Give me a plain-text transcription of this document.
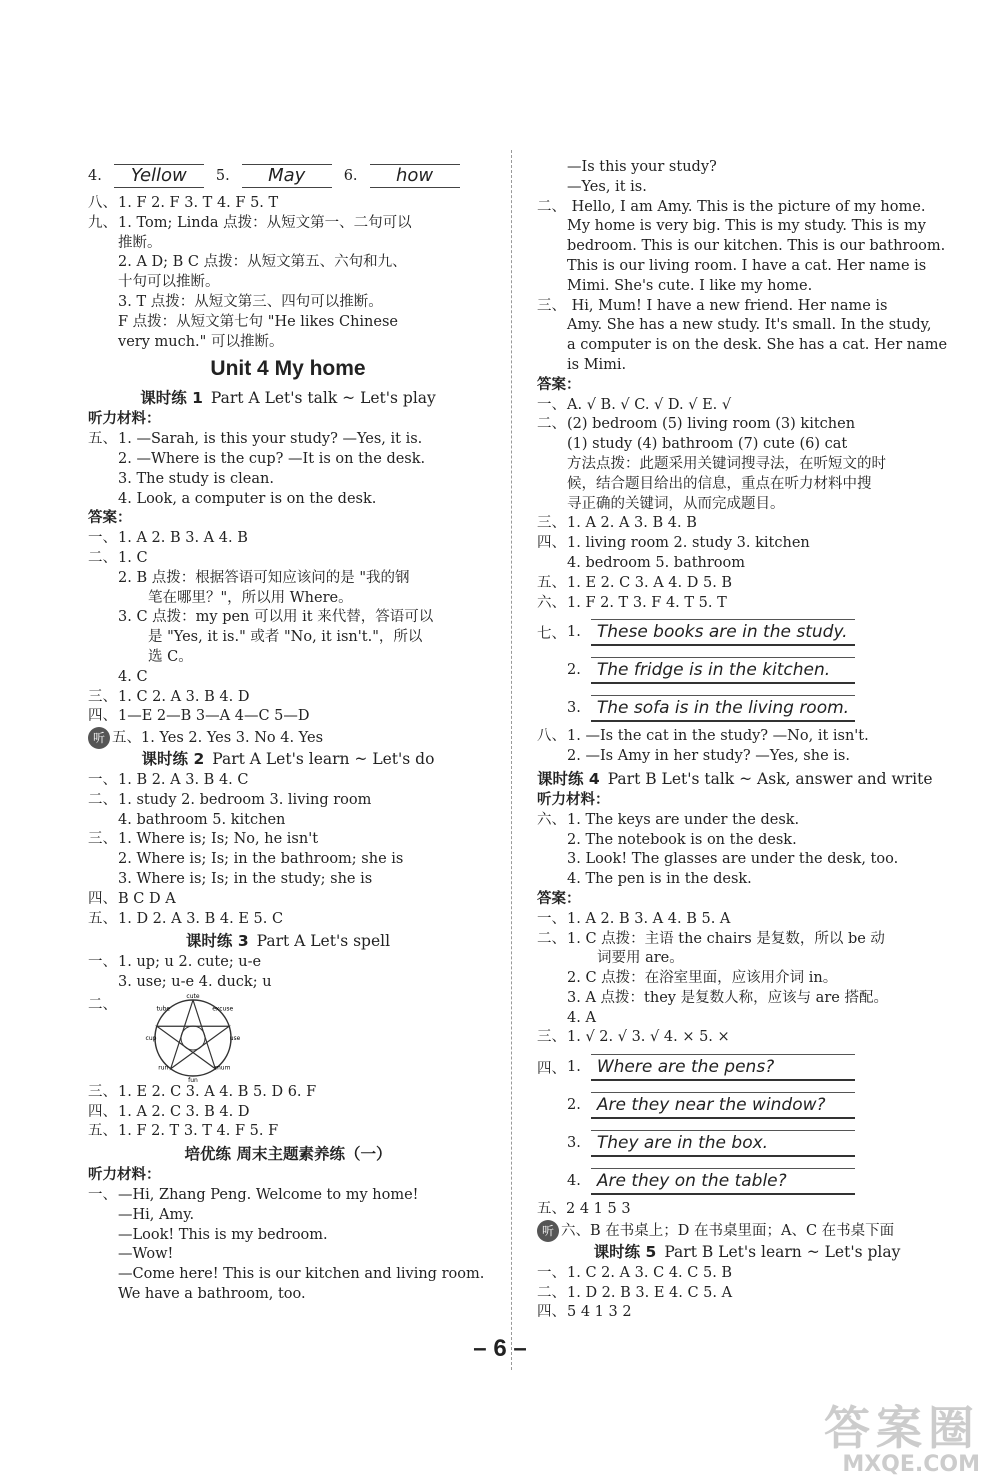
4.	Yellow	5.	May	6.	how
八、1. F 2. F 3. T 4. F 5. T
九、1. Tom; Linda 点拨：从短文第一、二句可以
推断。
2. A D; B C 点拨：从短文第五、六句和九、
十句可以推断。
3. T 点拨：从短文第三、四句可以推断。
F 点拨：从短文第七句 "He likes Chinese
very much." 可以推断。
Unit 4 My home
课时练 1 Part A Let's talk ~ Let's play
听力材料：
五、1. —Sarah, is this your study? —Yes, it is.
2. —Where is the cup? —It is on the desk.
3. The study is clean.
4. Look, a computer is on the desk.
答案：
一、1. A 2. B 3. A 4. B
二、1. C
2. B 点拨：根据答语可知应该问的是 "我的钢
笔在哪里？"，所以用 Where。
3. C 点拨：my pen 可以用 it 来代替，答语可以
是 "Yes, it is." 或者 "No, it isn't."，所以
选 C。
4. C
三、1. C 2. A 3. B 4. D
四、1—E 2—B 3—A 4—C 5—D
听 五、1. Yes 2. Yes 3. No 4. Yes
课时练 2 Part A Let's learn ~ Let's do
一、1. B 2. A 3. B 4. C
二、1. study 2. bedroom 3. living room
4. bathroom 5. kitchen
三、1. Where is; Is; No, he isn't
2. Where is; Is; in the bathroom; she is
3. Where is; Is; in the study; she is
四、B C D A
五、1. D 2. A 3. B 4. E 5. C
课时练 3 Part A Let's spell
一、1. up; u 2. cute; u-e
3. use; u-e 4. duck; u
二、
cute
excuse
use
mum
fun
run
cup
tube
三、1. E 2. C 3. A 4. B 5. D 6. F
四、1. A 2. C 3. B 4. D
五、1. F 2. T 3. T 4. F 5. F
培优练 周末主题素养练（一）
听力材料：
一、—Hi, Zhang Peng. Welcome to my home!
—Hi, Amy.
—Look! This is my bedroom.
—Wow!
—Come here! This is our kitchen and living room.
We have a bathroom, too.
—Is this your study?
—Yes, it is.
二、 Hello, I am Amy. This is the picture of my home.
My home is very big. This is my study. This is my
bedroom. This is our kitchen. This is our bathroom.
This is our living room. I have a cat. Her name is
Mimi. She's cute. I like my home.
三、 Hi, Mum! I have a new friend. Her name is
Amy. She has a new study. It's small. In the study,
a computer is on the desk. She has a cat. Her name
is Mimi.
答案：
一、A. √ B. √ C. √ D. √ E. √
二、(2) bedroom (5) living room (3) kitchen
(1) study (4) bathroom (7) cute (6) cat
方法点拨：此题采用关键词搜寻法，在听短文的时
候，结合题目给出的信息，重点在听力材料中搜
寻正确的关键词，从而完成题目。
三、1. A 2. A 3. B 4. B
四、1. living room 2. study 3. kitchen
4. bedroom 5. bathroom
五、1. E 2. C 3. A 4. D 5. B
六、1. F 2. T 3. F 4. T 5. T
七、 1. These books are in the study.
2. The fridge is in the kitchen.
3. The sofa is in the living room.
八、1. —Is the cat in the study? —No, it isn't.
2. —Is Amy in her study? —Yes, she is.
课时练 4 Part B Let's talk ~ Ask, answer and write
听力材料：
六、1. The keys are under the desk.
2. The notebook is on the desk.
3. Look! The glasses are under the desk, too.
4. The pen is in the desk.
答案：
一、1. A 2. B 3. A 4. B 5. A
二、1. C 点拨：主语 the chairs 是复数，所以 be 动
词要用 are。
2. C 点拨：在浴室里面，应该用介词 in。
3. A 点拨：they 是复数人称，应该与 are 搭配。
4. A
三、1. √ 2. √ 3. √ 4. × 5. ×
四、 1. Where are the pens?
2. Are they near the window?
3. They are in the box.
4. Are they on the table?
五、2 4 1 5 3
听 六、B 在书桌上；D 在书桌里面；A、C 在书桌下面
课时练 5 Part B Let's learn ~ Let's play
一、1. C 2. A 3. C 4. C 5. B
二、1. D 2. B 3. E 4. C 5. A
四、5 4 1 3 2
– 6 –
答案圈
MXQE.COM
